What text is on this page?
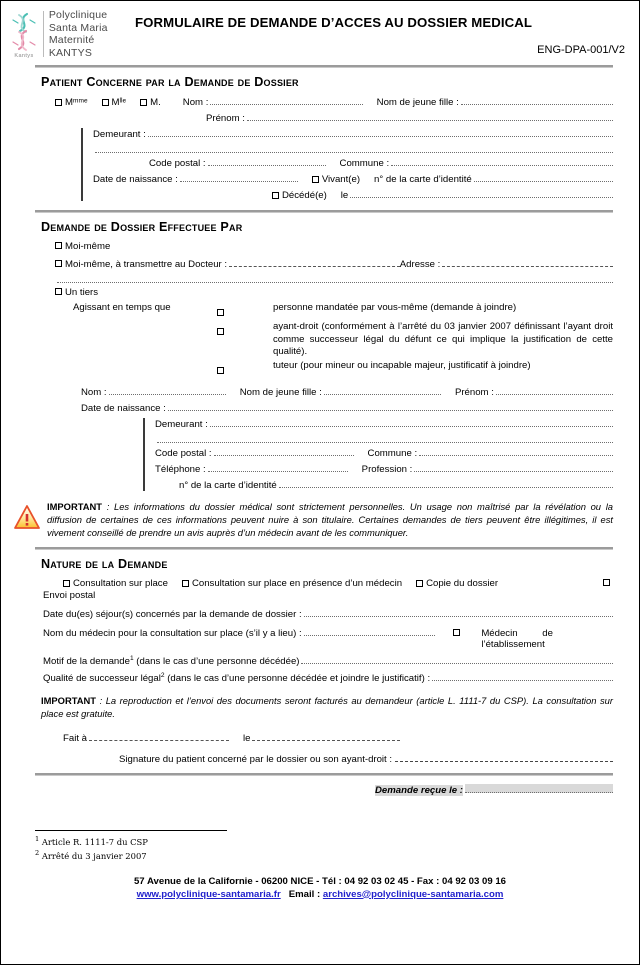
Kantys
Polyclinique
Santa Maria
Maternité KANTYS
FORMULAIRE DE DEMANDE D’ACCES AU DOSSIER MEDICAL
ENG-DPA-001/V2
Patient Concerne par la Demande de Dossier
Mᵐᵐᵉ	Mˡˡᵉ	M. Nom :	Nom de jeune fille :
Prénom :
Demeurant :
Code postal :	Commune :
Date de naissance :	Vivant(e) n° de la carte d’identité
Décédé(e) le
Demande de Dossier Effectuee Par
Moi-même
Moi-même, à transmettre au Docteur :	Adresse :
Un tiers
Agissant en temps que	personne mandatée par vous-même (demande à joindre)
ayant-droit (conformément à l’arrêté du 03 janvier 2007 définissant l’ayant droit comme successeur légal du défunt ce qui implique la justification de cette qualité).
tuteur (pour mineur ou incapable majeur, justificatif à joindre)
Nom :	Nom de jeune fille :	Prénom :
Date de naissance :
Demeurant :
Code postal :	Commune :
Téléphone :	Profession :
n° de la carte d’identité
IMPORTANT : Les informations du dossier médical sont strictement personnelles. Un usage non maîtrisé par la révélation ou la diffusion de certaines de ces informations peuvent nuire à son titulaire. Certaines demandes de tiers peuvent être illégitimes, il est vivement conseillé de prendre un avis auprès d’un médecin avant de les communiquer.
Nature de la Demande
Consultation sur place	Consultation sur place en présence d’un médecin	Copie du dossier
Envoi postal
Date du(es) séjour(s) concernés par la demande de dossier :
Nom du médecin pour la consultation sur place (s’il y a lieu) :	Médecin de l’établissement
Motif de la demande$^1$ (dans le cas d’une personne décédée)
Qualité de successeur légal$^2$ (dans le cas d’une personne décédée et joindre le justificatif) :
IMPORTANT : La reproduction et l’envoi des documents seront facturés au demandeur (article L. 1111-7 du CSP). La consultation sur place est gratuite.
Fait à	le
Signature du patient concerné par le dossier ou son ayant-droit :
Demande reçue le :
$^1$ Article R. 1111-7 du CSP
$^2$ Arrêté du 3 janvier 2007
57 Avenue de la Californie - 06200 NICE - Tél : 04 92 03 02 45 - Fax : 04 92 03 09 16
www.polyclinique-santamaria.fr Email : archives@polyclinique-santamaria.com
